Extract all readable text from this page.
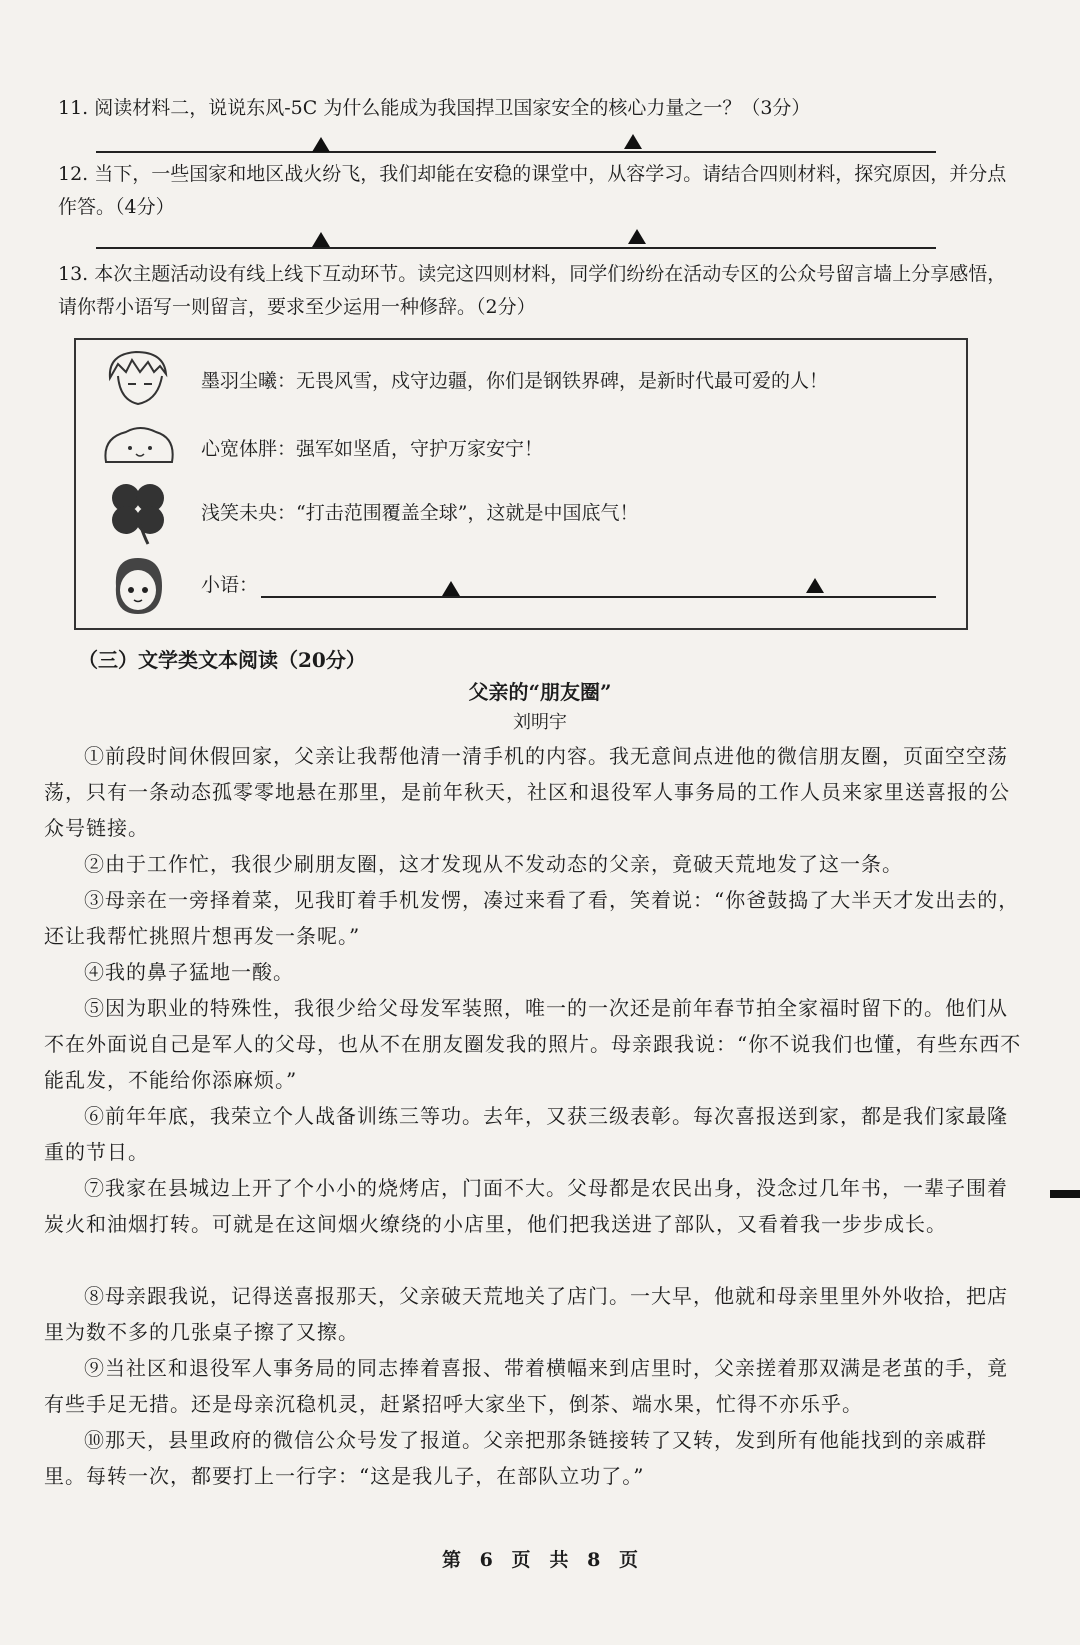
11. 阅读材料二，说说东风-5C 为什么能成为我国捍卫国家安全的核心力量之一？（3分）
12. 当下，一些国家和地区战火纷飞，我们却能在安稳的课堂中，从容学习。请结合四则材料，探究原因，并分点作答。（4分）
13. 本次主题活动设有线上线下互动环节。读完这四则材料，同学们纷纷在活动专区的公众号留言墙上分享感悟，请你帮小语写一则留言，要求至少运用一种修辞。（2分）
墨羽尘曦：无畏风雪，戍守边疆，你们是钢铁界碑，是新时代最可爱的人！
心宽体胖：强军如坚盾，守护万家安宁！
浅笑未央：“打击范围覆盖全球”，这就是中国底气！
小语：
（三）文学类文本阅读（20分）
父亲的“朋友圈”
刘明宇
①前段时间休假回家，父亲让我帮他清一清手机的内容。我无意间点进他的微信朋友圈，页面空空荡荡，只有一条动态孤零零地悬在那里，是前年秋天，社区和退役军人事务局的工作人员来家里送喜报的公众号链接。
②由于工作忙，我很少刷朋友圈，这才发现从不发动态的父亲，竟破天荒地发了这一条。
③母亲在一旁择着菜，见我盯着手机发愣，凑过来看了看，笑着说：“你爸鼓捣了大半天才发出去的，还让我帮忙挑照片想再发一条呢。”
④我的鼻子猛地一酸。
⑤因为职业的特殊性，我很少给父母发军装照，唯一的一次还是前年春节拍全家福时留下的。他们从不在外面说自己是军人的父母，也从不在朋友圈发我的照片。母亲跟我说：“你不说我们也懂，有些东西不能乱发，不能给你添麻烦。”
⑥前年年底，我荣立个人战备训练三等功。去年，又获三级表彰。每次喜报送到家，都是我们家最隆重的节日。
⑦我家在县城边上开了个小小的烧烤店，门面不大。父母都是农民出身，没念过几年书，一辈子围着炭火和油烟打转。可就是在这间烟火缭绕的小店里，他们把我送进了部队，又看着我一步步成长。
⑧母亲跟我说，记得送喜报那天，父亲破天荒地关了店门。一大早，他就和母亲里里外外收拾，把店里为数不多的几张桌子擦了又擦。
⑨当社区和退役军人事务局的同志捧着喜报、带着横幅来到店里时，父亲搓着那双满是老茧的手，竟有些手足无措。还是母亲沉稳机灵，赶紧招呼大家坐下，倒茶、端水果，忙得不亦乐乎。
⑩那天，县里政府的微信公众号发了报道。父亲把那条链接转了又转，发到所有他能找到的亲戚群里。每转一次，都要打上一行字：“这是我儿子，在部队立功了。”
第 6 页　共 8 页
